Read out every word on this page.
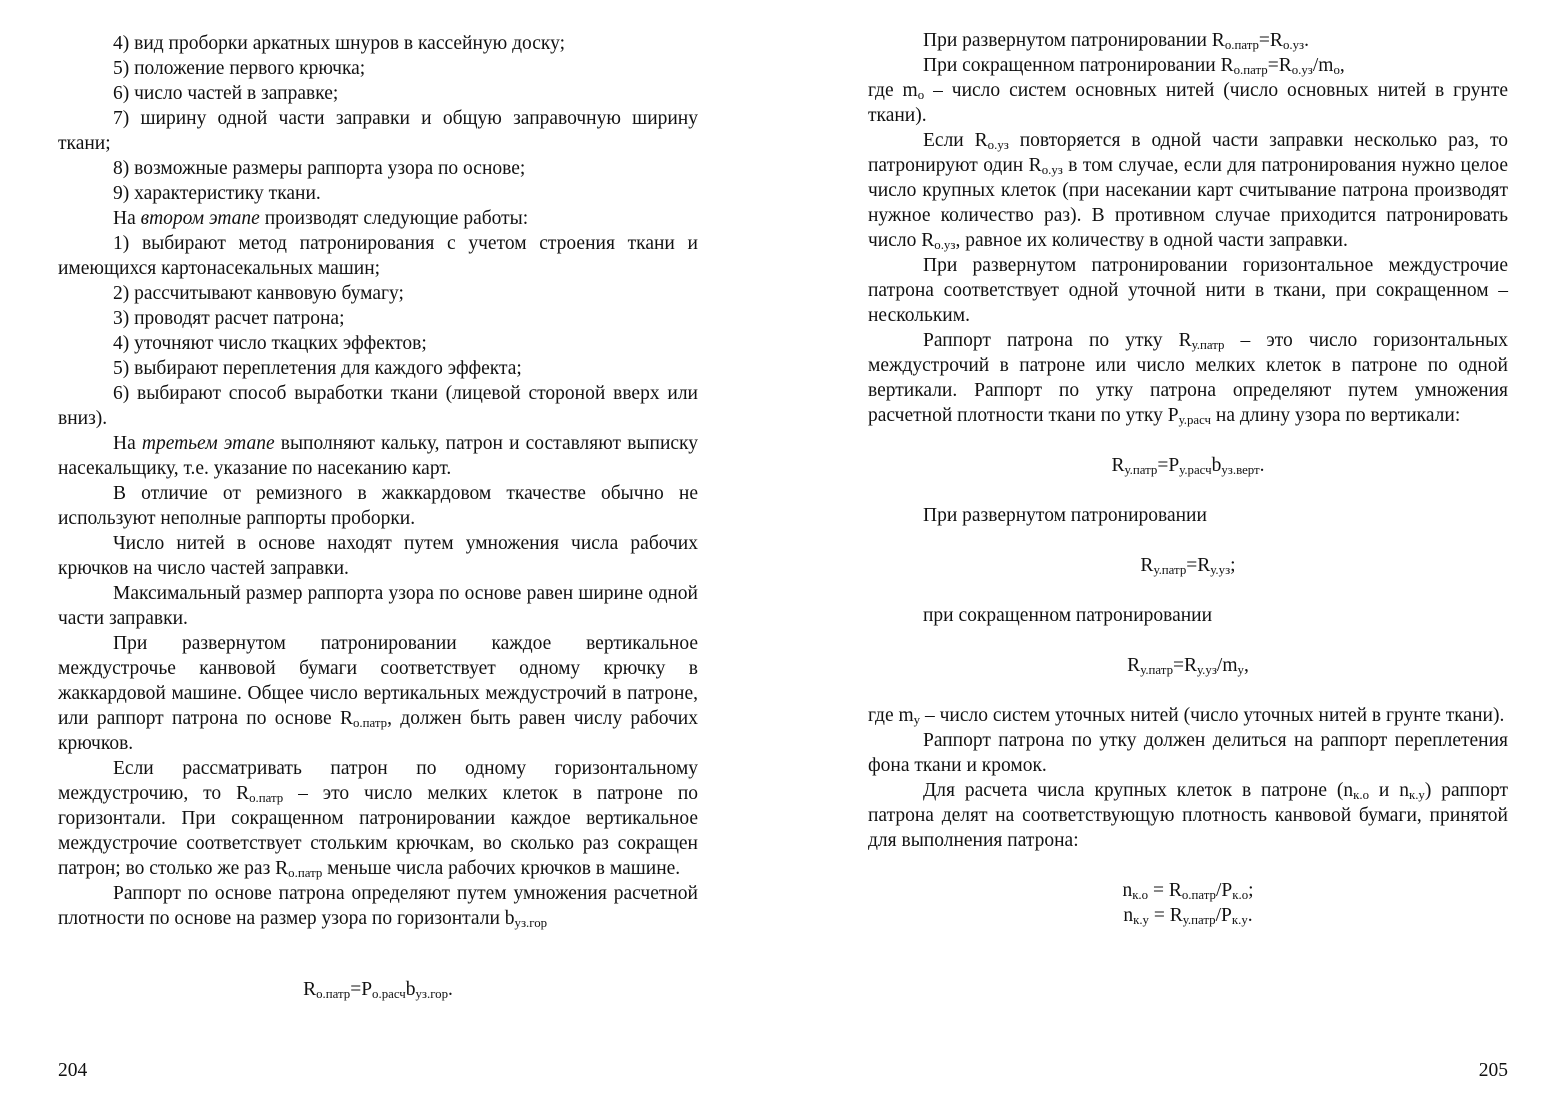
4) вид проборки аркатных шнуров в кассейную доску;

5) положение первого крючка;

6) число частей в заправке;

7) ширину одной части заправки и общую заправочную ширину ткани;

8) возможные размеры раппорта узора по основе;

9) характеристику ткани.

На втором этапе производят следующие работы:

1) выбирают метод патронирования с учетом строения ткани и имеющихся картонасекальных машин;

2) рассчитывают канвовую бумагу;

3) проводят расчет патрона;

4) уточняют число ткацких эффектов;

5) выбирают переплетения для каждого эффекта;

6) выбирают способ выработки ткани (лицевой стороной вверх или вниз).

На третьем этапе выполняют кальку, патрон и составляют выписку насекальщику, т.е. указание по насеканию карт.

В отличие от ремизного в жаккардовом ткачестве обычно не используют неполные раппорты проборки.

Число нитей в основе находят путем умножения числа рабочих крючков на число частей заправки.

Максимальный размер раппорта узора по основе равен ширине одной части заправки.

При развернутом патронировании каждое вертикальное междустрочье канвовой бумаги соответствует одному крючку в жаккардовой машине. Общее число вертикальных междустрочий в патроне, или раппорт патрона по основе $R_{о.патр}$, должен быть равен числу рабочих крючков.

Если рассматривать патрон по одному горизонтальному междустрочию, то $R_{о.патр}$ – это число мелких клеток в патроне по горизонтали. При сокращенном патронировании каждое вертикальное междустрочие соответствует стольким крючкам, во сколько раз сокращен патрон; во столько же раз $R_{о.патр}$ меньше числа рабочих крючков в машине.

Раппорт по основе патрона определяют путем умножения расчетной плотности по основе на размер узора по горизонтали $b_{уз.гор}$

$R_{о.патр}=P_{о.расч}b_{уз.гор}$.

204

При развернутом патронировании $R_{о.патр}=R_{о.уз}$.

При сокращенном патронировании $R_{о.патр}=R_{о.уз}/m_о$,

где $m_о$ – число систем основных нитей (число основных нитей в грунте ткани).

Если $R_{о.уз}$ повторяется в одной части заправки несколько раз, то патронируют один $R_{о.уз}$ в том случае, если для патронирования нужно целое число крупных клеток (при насекании карт считывание патрона производят нужное количество раз). В противном случае приходится патронировать число $R_{о.уз}$, равное их количеству в одной части заправки.

При развернутом патронировании горизонтальное междустрочие патрона соответствует одной уточной нити в ткани, при сокращенном – нескольким.

Раппорт патрона по утку $R_{у.патр}$ – это число горизонтальных междустрочий в патроне или число мелких клеток в патроне по одной вертикали. Раппорт по утку патрона определяют путем умножения расчетной плотности ткани по утку $P_{у.расч}$ на длину узора по вертикали:

$R_{у.патр}=P_{у.расч}b_{уз.верт}$.

При развернутом патронировании

$R_{у.патр}=R_{у.уз}$;

при сокращенном патронировании

$R_{у.патр}=R_{у.уз}/m_у$,

где $m_у$ – число систем уточных нитей (число уточных нитей в грунте ткани).

Раппорт патрона по утку должен делиться на раппорт переплетения фона ткани и кромок.

Для расчета числа крупных клеток в патроне ($n_{к.о}$ и $n_{к.у}$) раппорт патрона делят на соответствующую плотность канвовой бумаги, принятой для выполнения патрона:

$n_{к.о} = R_{о.патр}/P_{к.о}$;

$n_{к.у} = R_{у.патр}/P_{к.у}$.

205
